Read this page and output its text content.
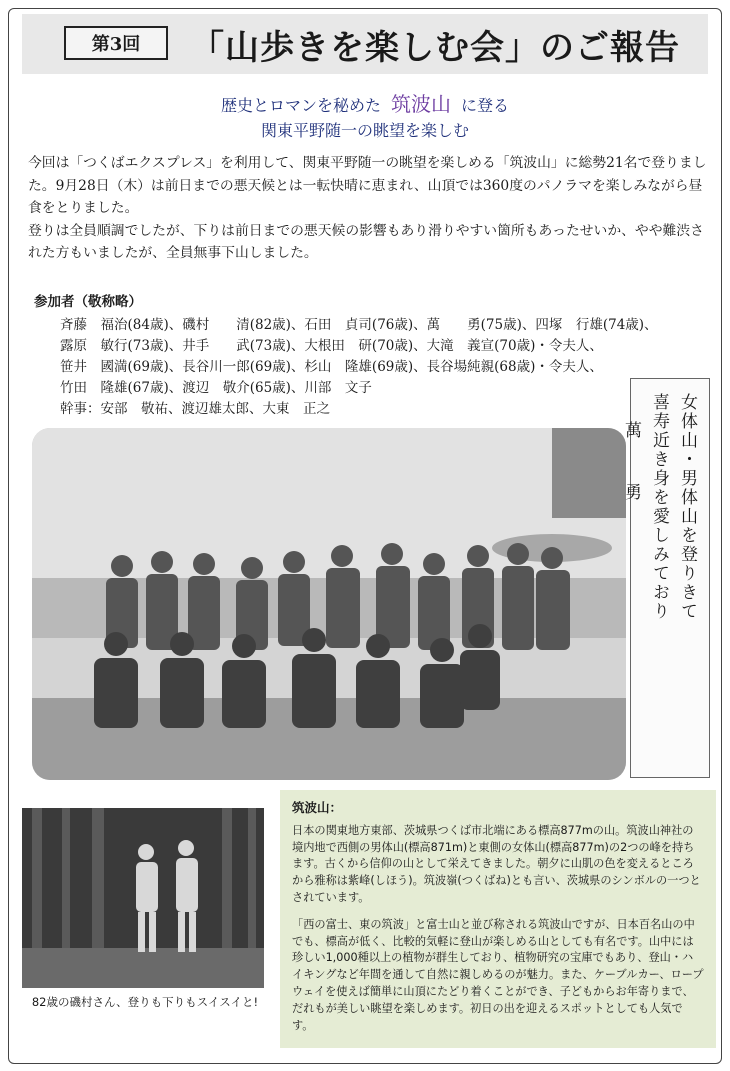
第3回	「山歩きを楽しむ会」のご報告
歴史とロマンを秘めた 筑波山 に登る
関東平野随一の眺望を楽しむ

今回は「つくばエクスプレス」を利用して、関東平野随一の眺望を楽しめる「筑波山」に総勢21名で登りました。9月28日（木）は前日までの悪天候とは一転快晴に恵まれ、山頂では360度のパノラマを楽しみながら昼食をとりました。

登りは全員順調でしたが、下りは前日までの悪天候の影響もあり滑りやすい箇所もあったせいか、やや難渋された方もいましたが、全員無事下山しました。

参加者（敬称略）
斉藤　福治(84歳)、磯村　　清(82歳)、石田　貞司(76歳)、萬　　勇(75歳)、四塚　行雄(74歳)、
露原　敏行(73歳)、井手　　武(73歳)、大根田　研(70歳)、大滝　義宣(70歳)・令夫人、
笹井　國満(69歳)、長谷川一郎(69歳)、杉山　隆雄(69歳)、長谷場純親(68歳)・令夫人、
竹田　隆雄(67歳)、渡辺　敬介(65歳)、川部　文子
幹事：安部　敬祐、渡辺雄太郎、大東　正之	女体山・男体山を登りきて
喜寿近き身を愛しみており
萬　勇
82歳の磯村さん、登りも下りもスイスイと!
筑波山：

日本の関東地方東部、茨城県つくば市北端にある標高877mの山。筑波山神社の境内地で西側の男体山(標高871m)と東側の女体山(標高877m)の2つの峰を持ちます。古くから信仰の山として栄えてきました。朝夕に山肌の色を変えるところから雅称は紫峰(しほう)。筑波嶺(つくばね)とも言い、茨城県のシンボルの一つとされています。

「西の富士、東の筑波」と富士山と並び称される筑波山ですが、日本百名山の中でも、標高が低く、比較的気軽に登山が楽しめる山としても有名です。山中には珍しい1,000種以上の植物が群生しており、植物研究の宝庫でもあり、登山・ハイキングなど年間を通して自然に親しめるのが魅力。また、ケーブルカー、ロープウェイを使えば簡単に山頂にたどり着くことができ、子どもからお年寄りまで、だれもが美しい眺望を楽しめます。初日の出を迎えるスポットとしても人気です。
